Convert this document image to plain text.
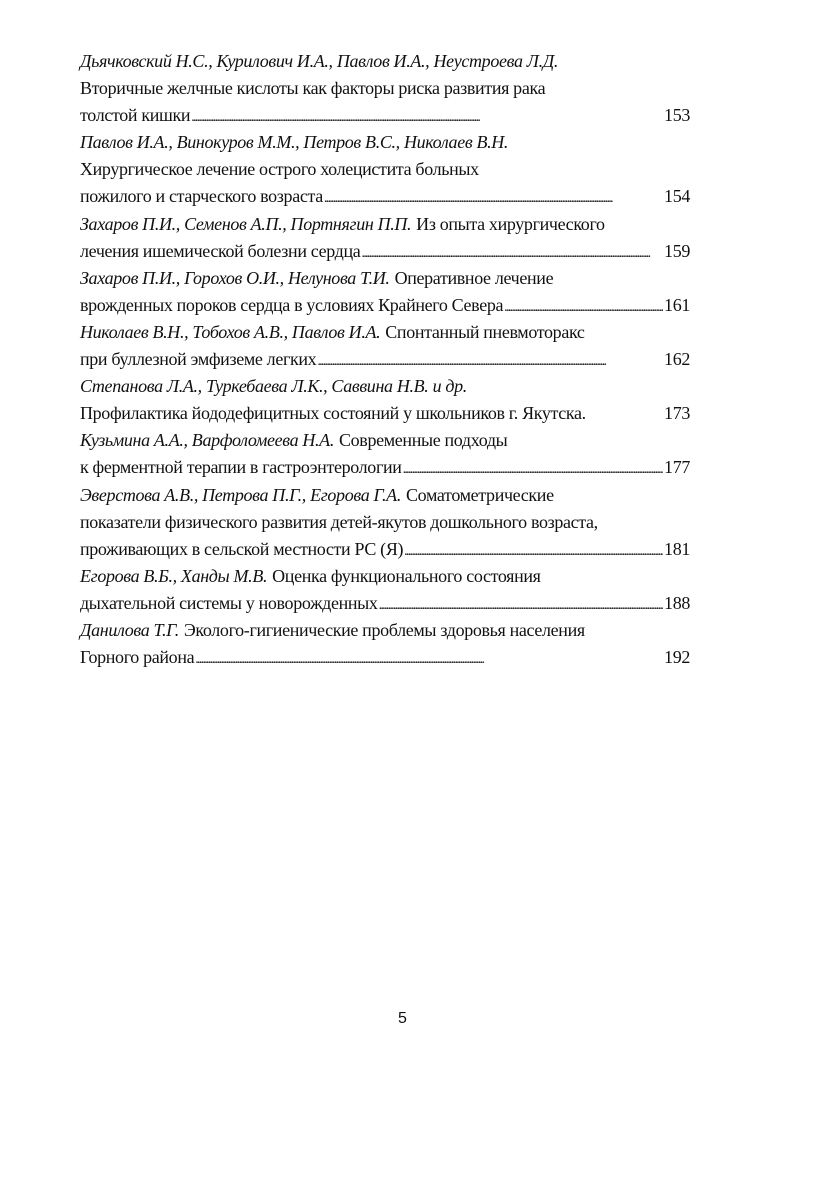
Дьячковский Н.С., Курилович И.А., Павлов И.А., Неустроева Л.Д.
Вторичные желчные кислоты как факторы риска развития рака
толстой кишки . . .	153
Павлов И.А., Винокуров М.М., Петров В.С., Николаев В.Н.
Хирургическое лечение острого холецистита больных
пожилого и старческого возраста . . .	154
Захаров П.И., Семенов А.П., Портнягин П.П. Из опыта хирургического
лечения ишемической болезни сердца . . .	159
Захаров П.И., Горохов О.И., Нелунова Т.И. Оперативное лечение
врожденных пороков сердца в условиях Крайнего Севера . . .	161
Николаев В.Н., Тобохов А.В., Павлов И.А. Спонтанный пневмоторакс
при буллезной эмфиземе легких . . .	162
Степанова Л.А., Туркебаева Л.К., Саввина Н.В. и др.
Профилактика йододефицитных состояний у школьников г. Якутска.	173
Кузьмина А.А., Варфоломеева Н.А. Современные подходы
к ферментной терапии в гастроэнтерологии . . .	177
Эверстова А.В., Петрова П.Г., Егорова Г.А. Соматометрические
показатели физического развития детей-якутов дошкольного возраста,
проживающих в сельской местности РС (Я) . . .	181
Егорова В.Б., Ханды М.В. Оценка функционального состояния
дыхательной системы у новорожденных . . .	188
Данилова Т.Г. Эколого-гигиенические проблемы здоровья населения
Горного района . . .	192
5
